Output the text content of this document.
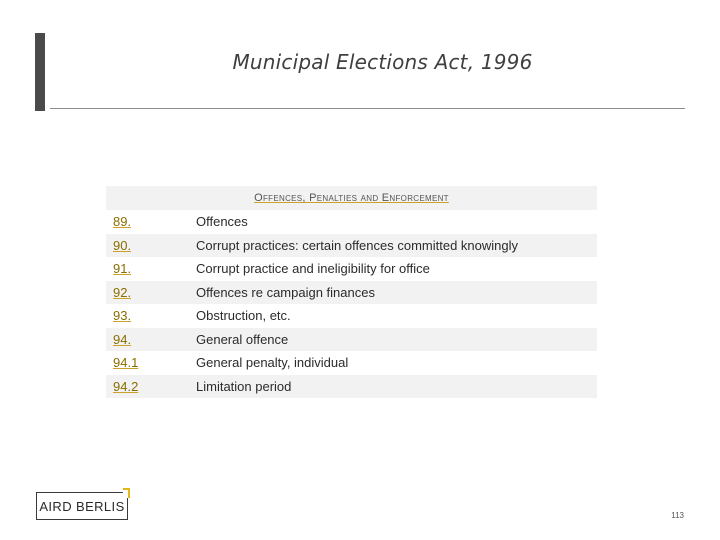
Municipal Elections Act, 1996
Offences, Penalties and Enforcement
89.	Offences
90.	Corrupt practices: certain offences committed knowingly
91.	Corrupt practice and ineligibility for office
92.	Offences re campaign finances
93.	Obstruction, etc.
94.	General offence
94.1	General penalty, individual
94.2	Limitation period
AIRD BERLIS
113
